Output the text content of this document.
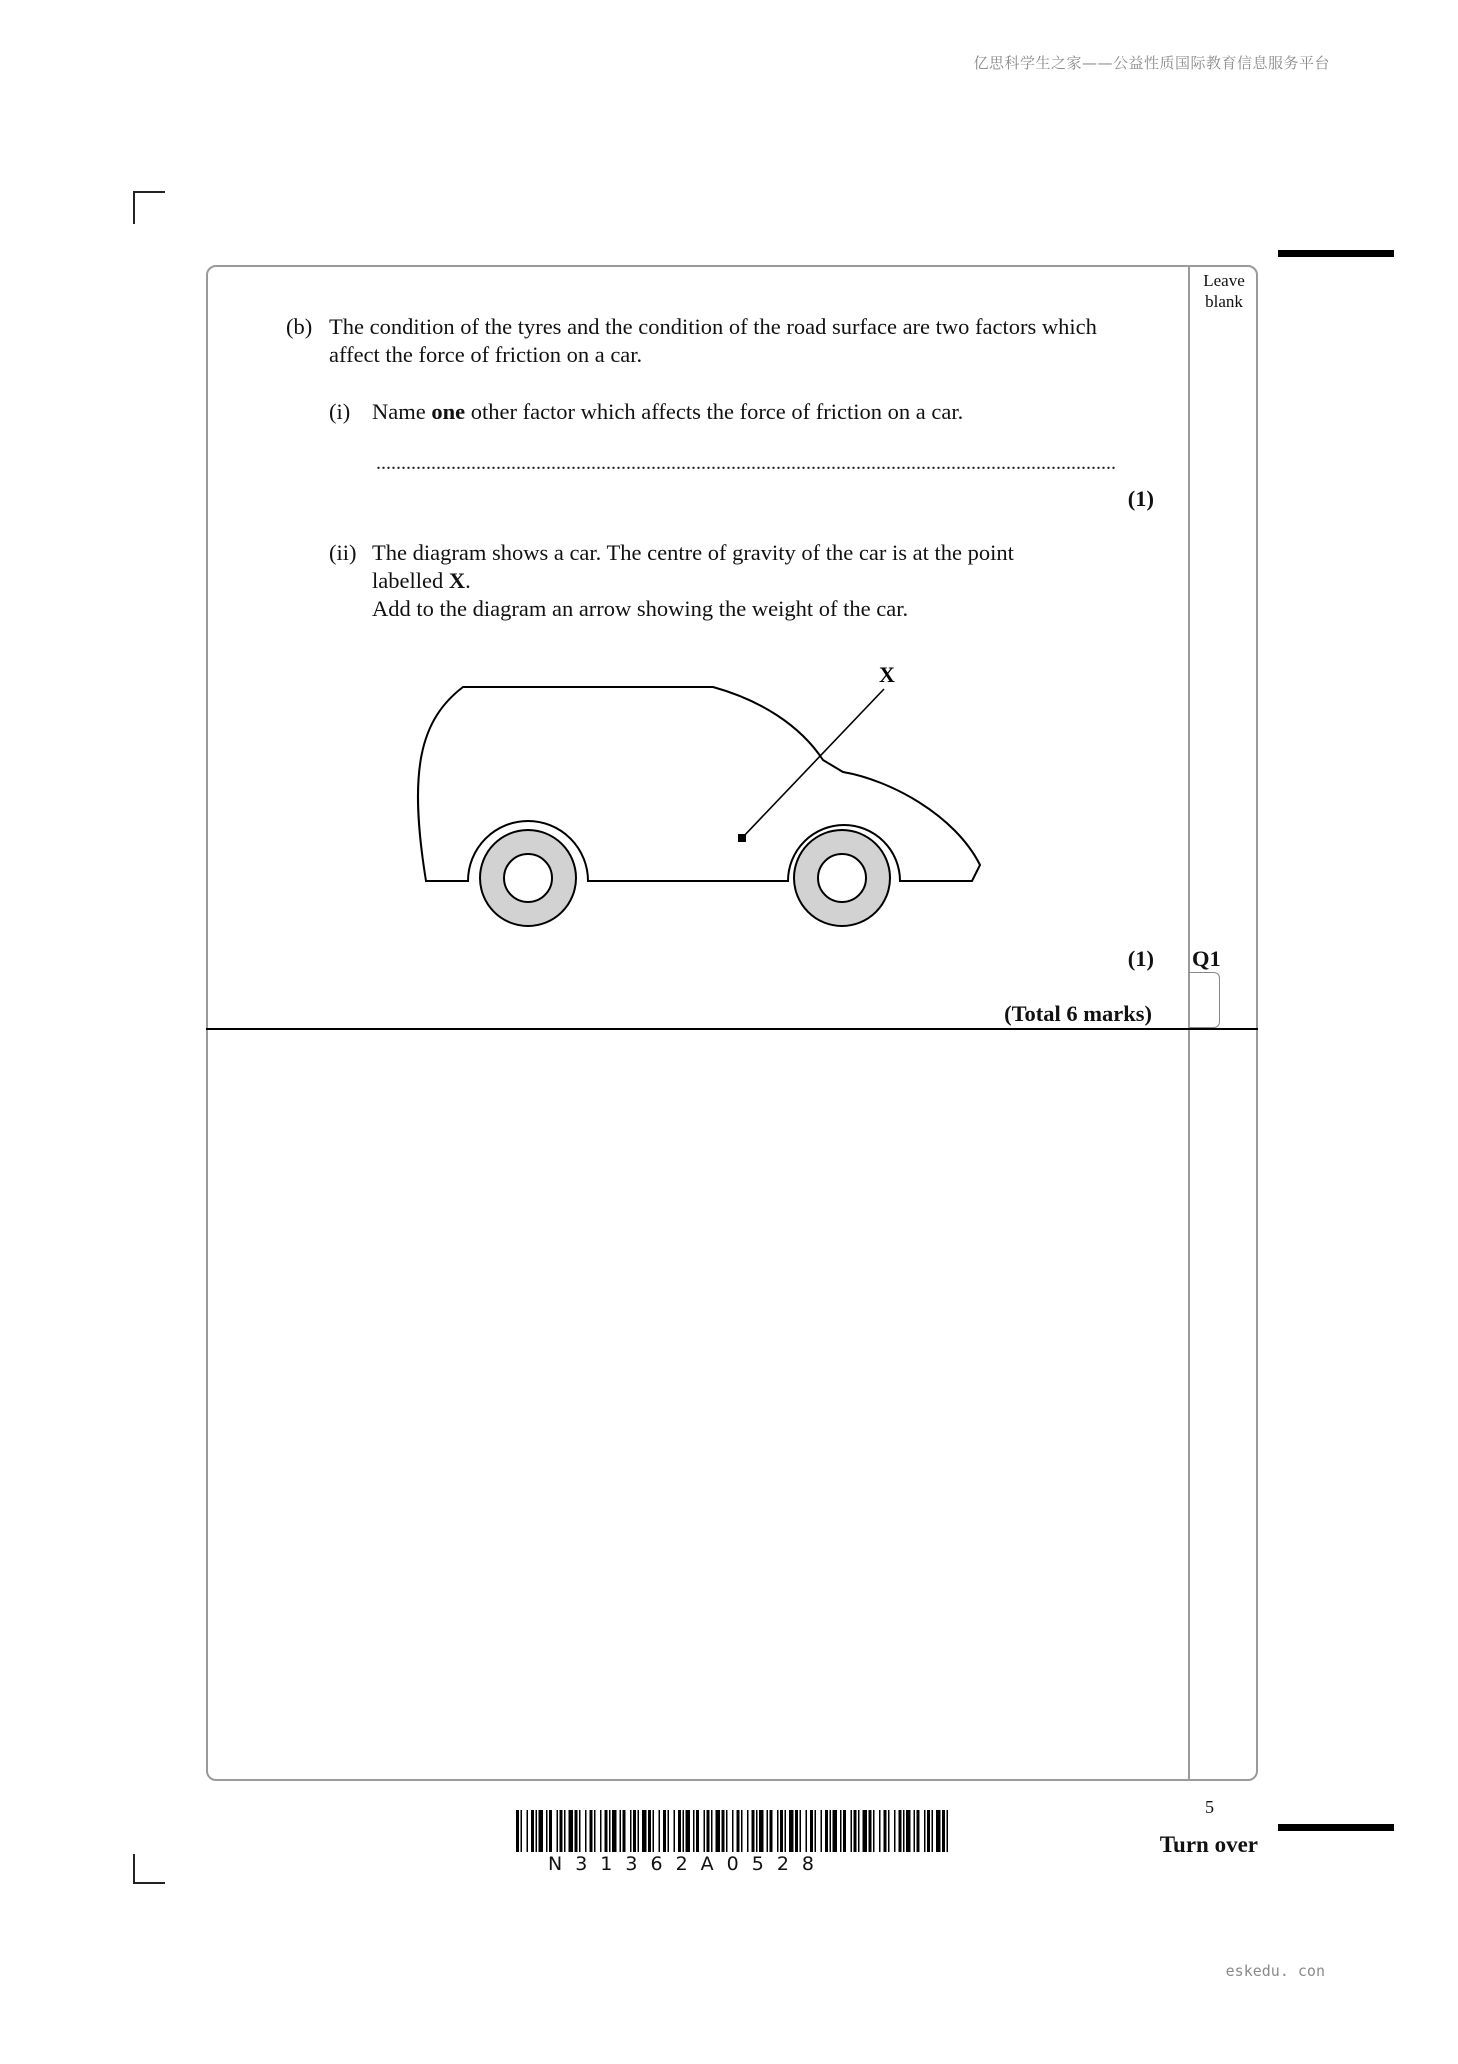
亿思科学生之家——公益性质国际教育信息服务平台
eskedu. con
Leave blank
(b) The condition of the tyres and the condition of the road surface are two factors which
affect the force of friction on a car.
(i) Name one other factor which affects the force of friction on a car.
....................................................................................................................................................
(1)
(ii) The diagram shows a car. The centre of gravity of the car is at the point
labelled X.
Add to the diagram an arrow showing the weight of the car.
X
(1) Q1
(Total 6 marks)
5
Turn over
N31362A0528
